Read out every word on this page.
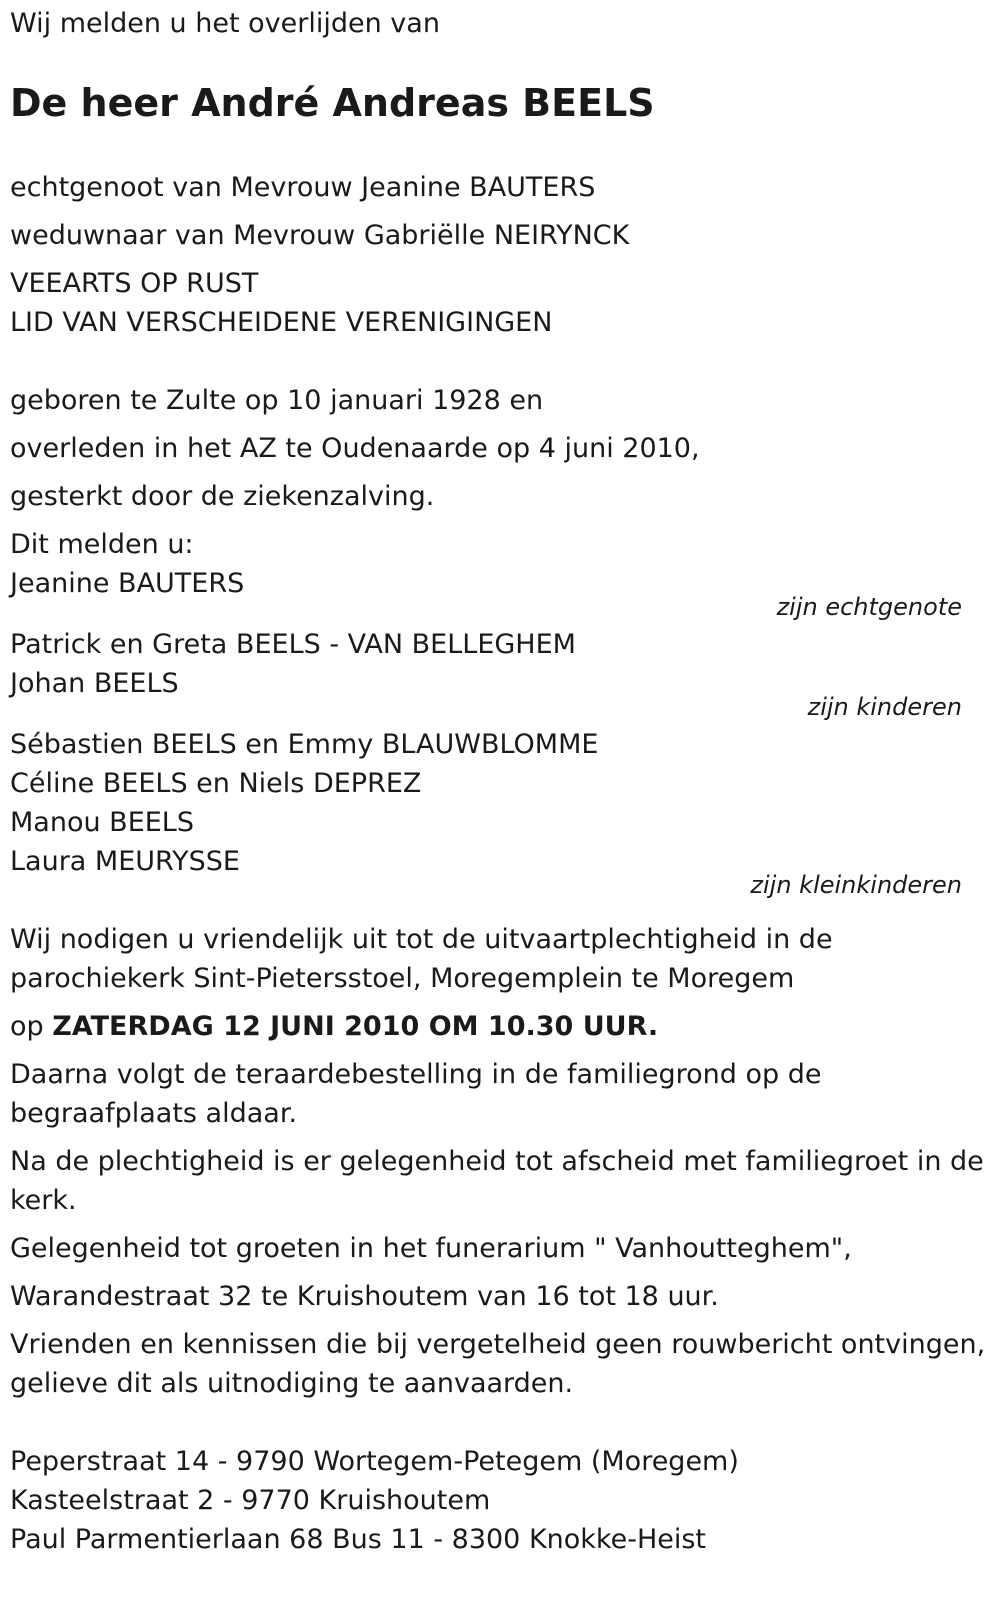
Wij melden u het overlijden van
De heer André Andreas BEELS
echtgenoot van Mevrouw Jeanine BAUTERS
weduwnaar van Mevrouw Gabriëlle NEIRYNCK
VEEARTS OP RUST
LID VAN VERSCHEIDENE VERENIGINGEN
geboren te Zulte op 10 januari 1928 en
overleden in het AZ te Oudenaarde op 4 juni 2010,
gesterkt door de ziekenzalving.
Dit melden u:
Jeanine BAUTERS
zijn echtgenote
Patrick en Greta BEELS - VAN BELLEGHEM
Johan BEELS
zijn kinderen
Sébastien BEELS en Emmy BLAUWBLOMME
Céline BEELS en Niels DEPREZ
Manou BEELS
Laura MEURYSSE
zijn kleinkinderen
Wij nodigen u vriendelijk uit tot de uitvaartplechtigheid in de
parochiekerk Sint-Pietersstoel, Moregemplein te Moregem
op ZATERDAG 12 JUNI 2010 OM 10.30 UUR.
Daarna volgt de teraardebestelling in de familiegrond op de
begraafplaats aldaar.
Na de plechtigheid is er gelegenheid tot afscheid met familiegroet in de
kerk.
Gelegenheid tot groeten in het funerarium " Vanhoutteghem",
Warandestraat 32 te Kruishoutem van 16 tot 18 uur.
Vrienden en kennissen die bij vergetelheid geen rouwbericht ontvingen,
gelieve dit als uitnodiging te aanvaarden.
Peperstraat 14 - 9790 Wortegem-Petegem (Moregem)
Kasteelstraat 2 - 9770 Kruishoutem
Paul Parmentierlaan 68 Bus 11 - 8300 Knokke-Heist
